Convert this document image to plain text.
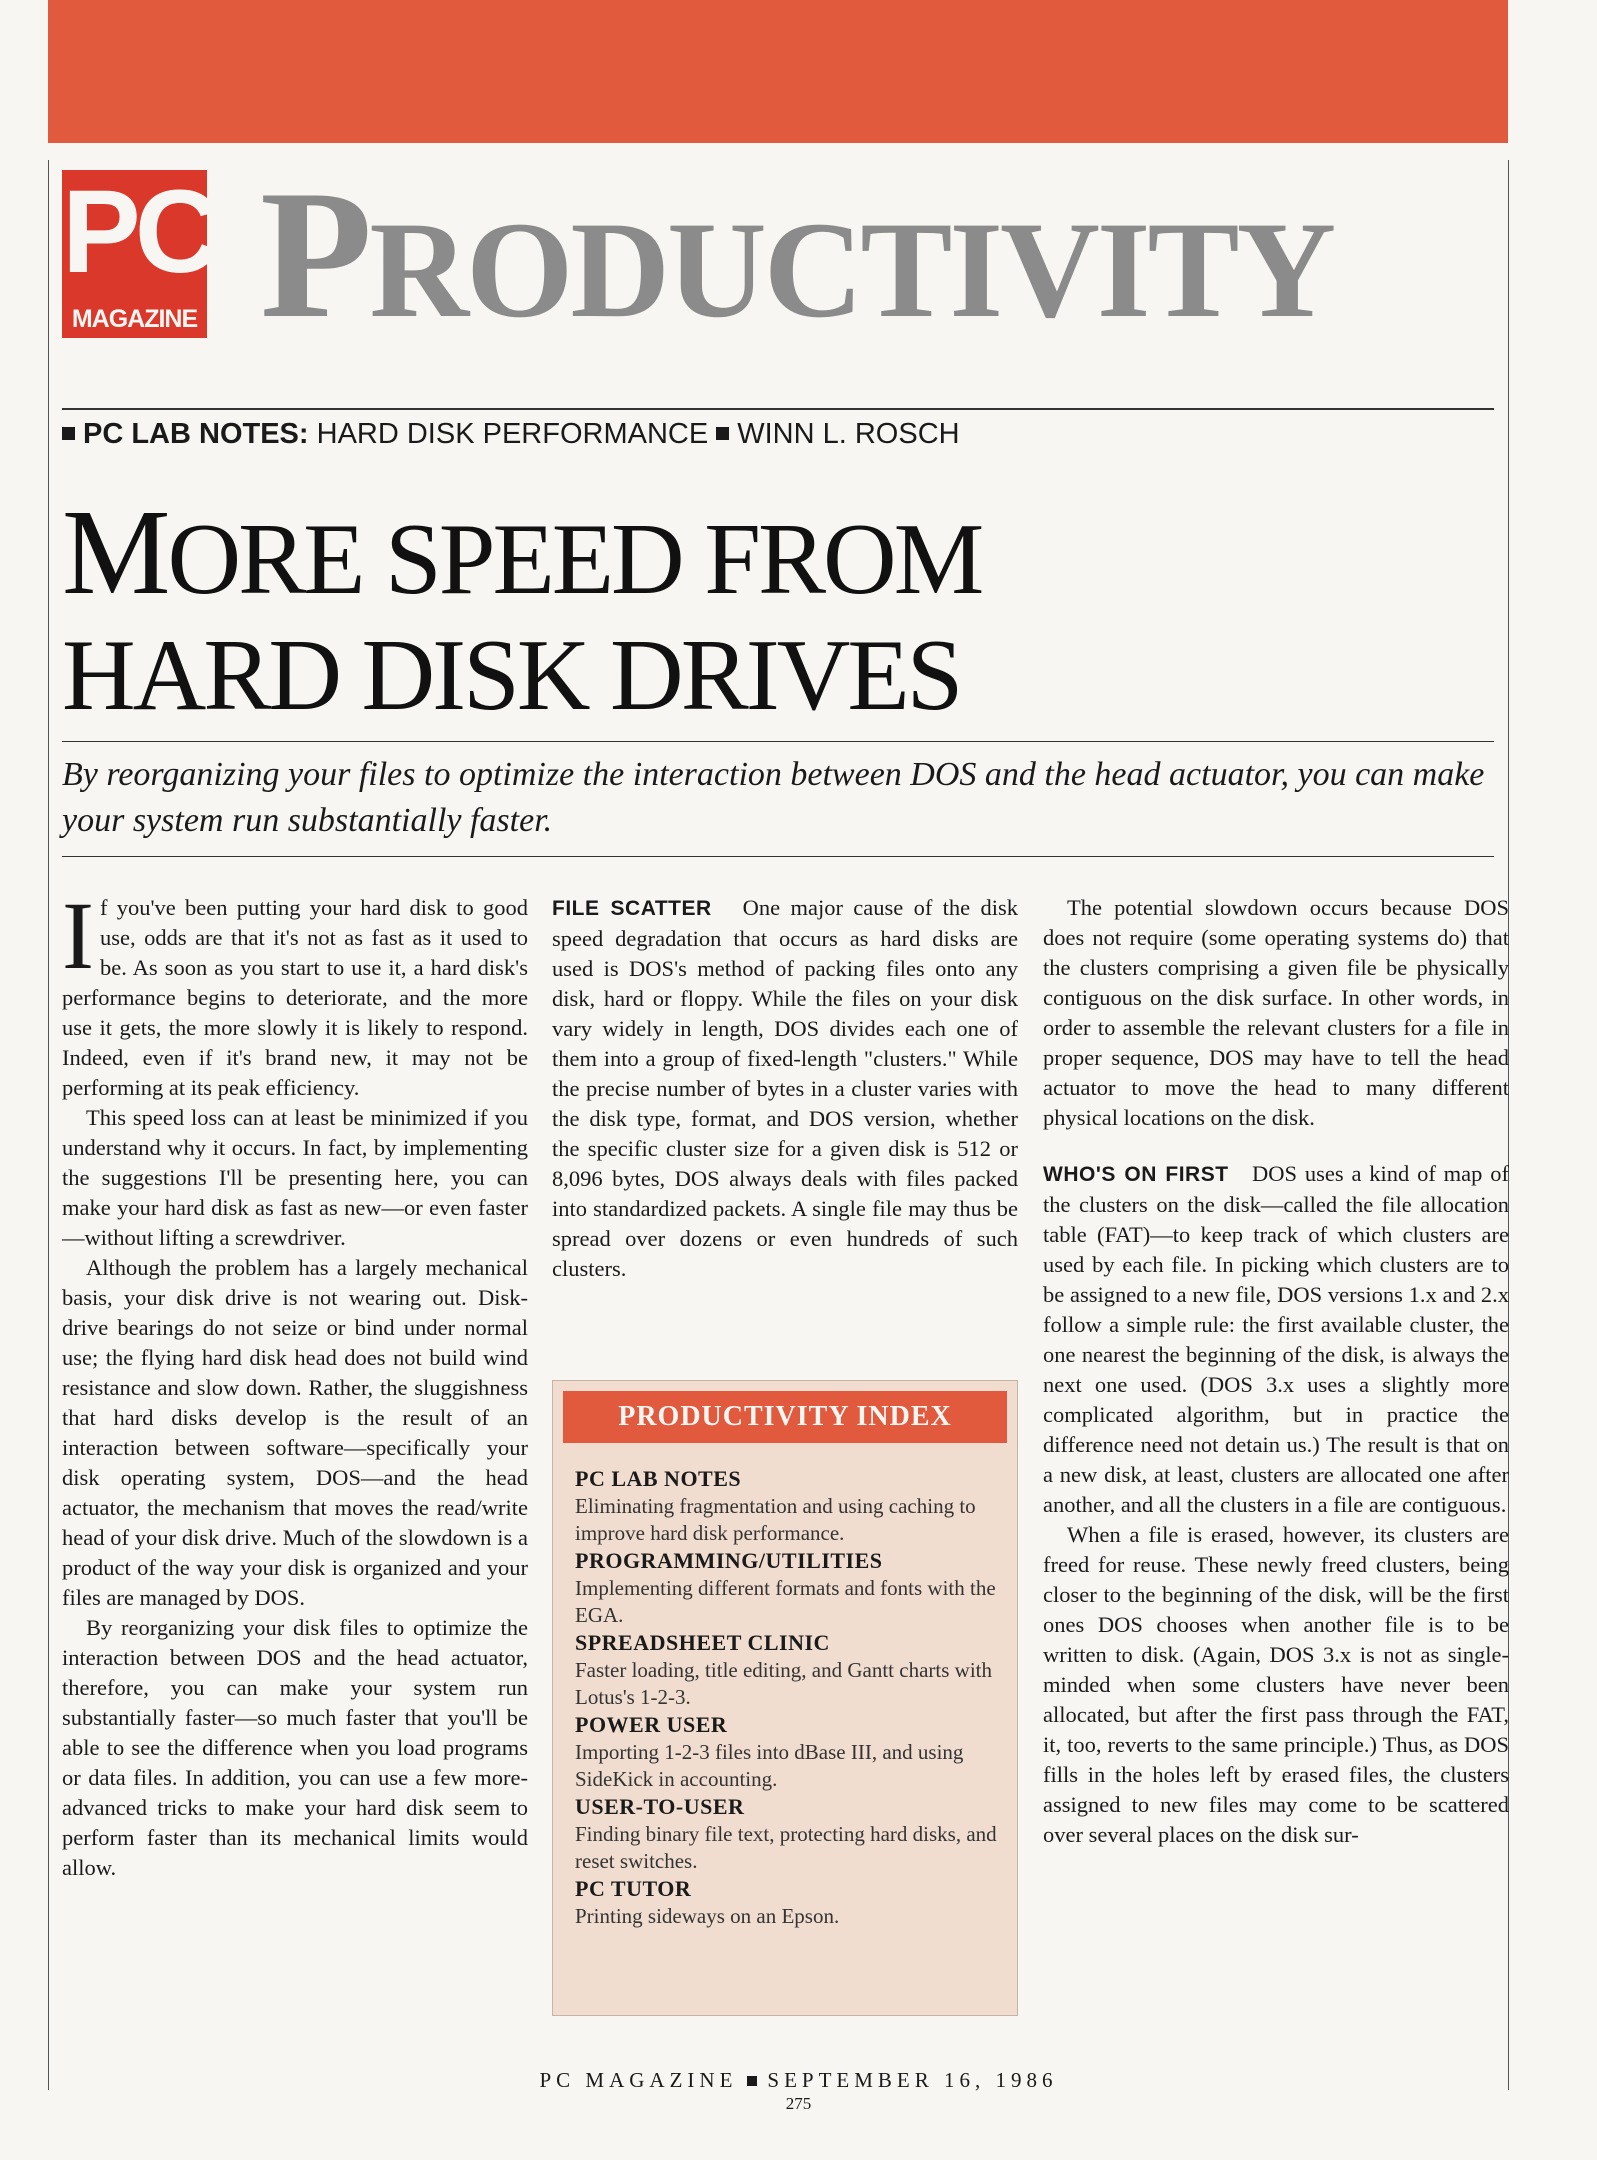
PC
MAGAZINE PRODUCTIVITY
PC LAB NOTES: HARD DISK PERFORMANCE WINN L. ROSCH
MORE SPEED FROM
HARD DISK DRIVES
By reorganizing your files to optimize the interaction between DOS and the head actuator, you can make your system run substantially faster.

If you've been putting your hard disk to good use, odds are that it's not as fast as it used to be. As soon as you start to use it, a hard disk's performance begins to deteriorate, and the more use it gets, the more slowly it is likely to respond. Indeed, even if it's brand new, it may not be performing at its peak efficiency.

This speed loss can at least be minimized if you understand why it occurs. In fact, by implementing the suggestions I'll be presenting here, you can make your hard disk as fast as new—or even faster—without lifting a screwdriver.

Although the problem has a largely mechanical basis, your disk drive is not wearing out. Disk-drive bearings do not seize or bind under normal use; the flying hard disk head does not build wind resistance and slow down. Rather, the sluggishness that hard disks develop is the result of an interaction between software—specifically your disk operating system, DOS—and the head actuator, the mechanism that moves the read/write head of your disk drive. Much of the slowdown is a product of the way your disk is organized and your files are managed by DOS.

By reorganizing your disk files to optimize the interaction between DOS and the head actuator, therefore, you can make your system run substantially faster—so much faster that you'll be able to see the difference when you load programs or data files. In addition, you can use a few more-advanced tricks to make your hard disk seem to perform faster than its mechanical limits would allow.

FILE SCATTER One major cause of the disk speed degradation that occurs as hard disks are used is DOS's method of packing files onto any disk, hard or floppy. While the files on your disk vary widely in length, DOS divides each one of them into a group of fixed-length "clusters." While the precise number of bytes in a cluster varies with the disk type, format, and DOS version, whether the specific cluster size for a given disk is 512 or 8,096 bytes, DOS always deals with files packed into standardized packets. A single file may thus be spread over dozens or even hundreds of such clusters.

PRODUCTIVITY INDEX
PC LAB NOTES
Eliminating fragmentation and using caching to improve hard disk performance.
PROGRAMMING/UTILITIES
Implementing different formats and fonts with the EGA.
SPREADSHEET CLINIC
Faster loading, title editing, and Gantt charts with Lotus's 1-2-3.
POWER USER
Importing 1-2-3 files into dBase III, and using SideKick in accounting.
USER-TO-USER
Finding binary file text, protecting hard disks, and reset switches.
PC TUTOR
Printing sideways on an Epson.

The potential slowdown occurs because DOS does not require (some operating systems do) that the clusters comprising a given file be physically contiguous on the disk surface. In other words, in order to assemble the relevant clusters for a file in proper sequence, DOS may have to tell the head actuator to move the head to many different physical locations on the disk.

WHO'S ON FIRST DOS uses a kind of map of the clusters on the disk—called the file allocation table (FAT)—to keep track of which clusters are used by each file. In picking which clusters are to be assigned to a new file, DOS versions 1.x and 2.x follow a simple rule: the first available cluster, the one nearest the beginning of the disk, is always the next one used. (DOS 3.x uses a slightly more complicated algorithm, but in practice the difference need not detain us.) The result is that on a new disk, at least, clusters are allocated one after another, and all the clusters in a file are contiguous.

When a file is erased, however, its clusters are freed for reuse. These newly freed clusters, being closer to the beginning of the disk, will be the first ones DOS chooses when another file is to be written to disk. (Again, DOS 3.x is not as single-minded when some clusters have never been allocated, but after the first pass through the FAT, it, too, reverts to the same principle.) Thus, as DOS fills in the holes left by erased files, the clusters assigned to new files may come to be scattered over several places on the disk sur-

PC MAGAZINE SEPTEMBER 16, 1986
275
